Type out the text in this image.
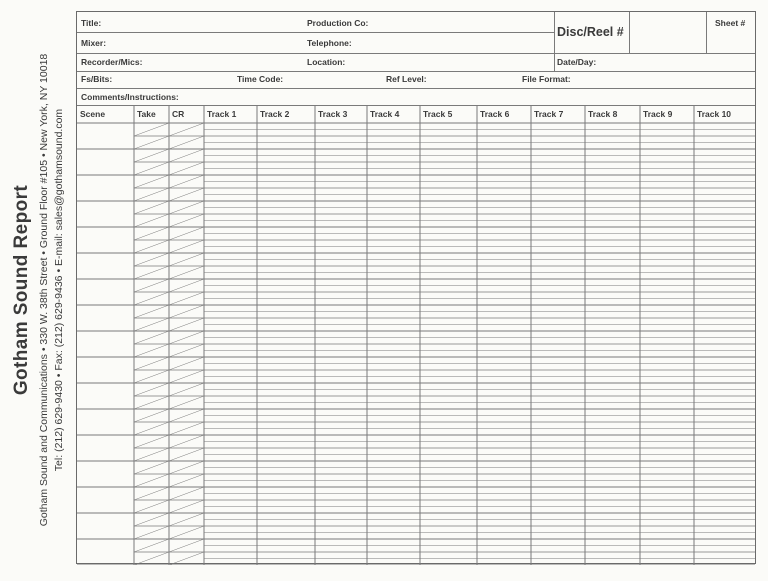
Gotham Sound Report Gotham Sound and Communications • 330 W. 38th Street • Ground Floor #105 • New York, NY 10018 Tel: (212) 629-9430 • Fax: (212) 629-9436 • E-mail: sales@gothamsound.com
Title:	Production Co:
Disc/Reel #
Sheet #
Mixer:	Telephone:
Recorder/Mics:	Location:	Date/Day:
Fs/Bits:	Time Code:	Ref Level:	File Format:
Comments/Instructions:
Scene	Take	CR	Track 1	Track 2	Track 3	Track 4	Track 5	Track 6	Track 7	Track 8	Track 9	Track 10
